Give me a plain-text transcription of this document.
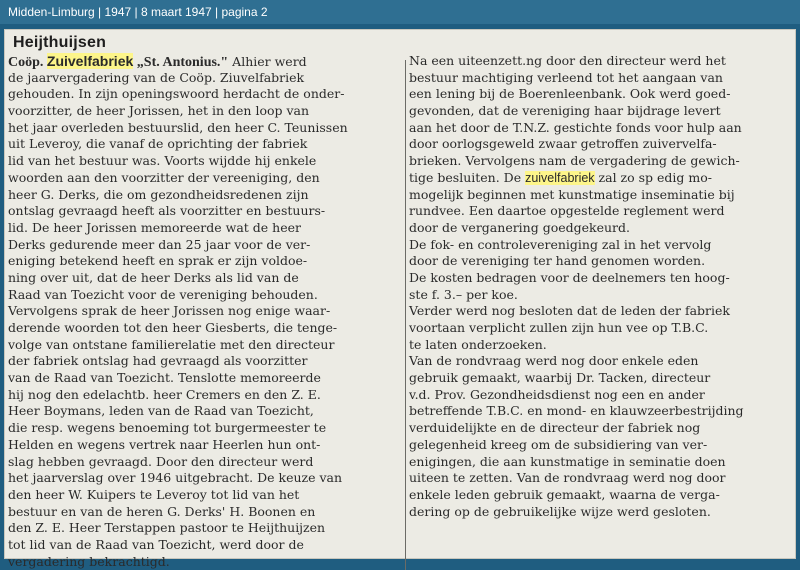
Midden-Limburg | 1947 | 8 maart 1947 | pagina 2
Heijthuijsen
Coöp. Zuivelfabriek „St. Antonius." Alhier werd
de jaarvergadering van de Coöp. Ziuvelfabriek
gehouden. In zijn openingswoord herdacht de onder-
voorzitter, de heer Jorissen, het in den loop van
het jaar overleden bestuurslid, den heer C. Teunissen
uit Leveroy, die vanaf de oprichting der fabriek
lid van het bestuur was. Voorts wijdde hij enkele
woorden aan den voorzitter der vereeniging, den
heer G. Derks, die om gezondheidsredenen zijn
ontslag gevraagd heeft als voorzitter en bestuurs-
lid. De heer Jorissen memoreerde wat de heer
Derks gedurende meer dan 25 jaar voor de ver-
eniging betekend heeft en sprak er zijn voldoe-
ning over uit, dat de heer Derks als lid van de
Raad van Toezicht voor de vereniging behouden.
Vervolgens sprak de heer Jorissen nog enige waar-
derende woorden tot den heer Giesberts, die tenge-
volge van ontstane familierelatie met den directeur
der fabriek ontslag had gevraagd als voorzitter
van de Raad van Toezicht. Tenslotte memoreerde
hij nog den edelachtb. heer Cremers en den Z. E.
Heer Boymans, leden van de Raad van Toezicht,
die resp. wegens benoeming tot burgermeester te
Helden en wegens vertrek naar Heerlen hun ont-
slag hebben gevraagd. Door den directeur werd
het jaarverslag over 1946 uitgebracht. De keuze van
den heer W. Kuipers te Leveroy tot lid van het
bestuur en van de heren G. Derks' H. Boonen en
den Z. E. Heer Terstappen pastoor te Heijthuijzen
tot lid van de Raad van Toezicht, werd door de
vergadering bekrachtigd.
Na een uiteenzett.ng door den directeur werd het
bestuur machtiging verleend tot het aangaan van
een lening bij de Boerenleenbank. Ook werd goed-
gevonden, dat de vereniging haar bijdrage levert
aan het door de T.N.Z. gestichte fonds voor hulp aan
door oorlogsgeweld zwaar getroffen zuivervelfa-
brieken. Vervolgens nam de vergadering de gewich-
tige besluiten. De zuivelfabriek zal zo sp edig mo-
mogelijk beginnen met kunstmatige inseminatie bij
rundvee. Een daartoe opgestelde reglement werd
door de verganering goedgekeurd.
De fok- en controlevereniging zal in het vervolg
door de vereniging ter hand genomen worden.
De kosten bedragen voor de deelnemers ten hoog-
ste f. 3.– per koe.
Verder werd nog besloten dat de leden der fabriek
voortaan verplicht zullen zijn hun vee op T.B.C.
te laten onderzoeken.
Van de rondvraag werd nog door enkele eden
gebruik gemaakt, waarbij Dr. Tacken, directeur
v.d. Prov. Gezondheidsdienst nog een en ander
betreffende T.B.C. en mond- en klauwzeerbestrijding
verduidelijkte en de directeur der fabriek nog
gelegenheid kreeg om de subsidiering van ver-
enigingen, die aan kunstmatige in seminatie doen
uiteen te zetten. Van de rondvraag werd nog door
enkele leden gebruik gemaakt, waarna de verga-
dering op de gebruikelijke wijze werd gesloten.
